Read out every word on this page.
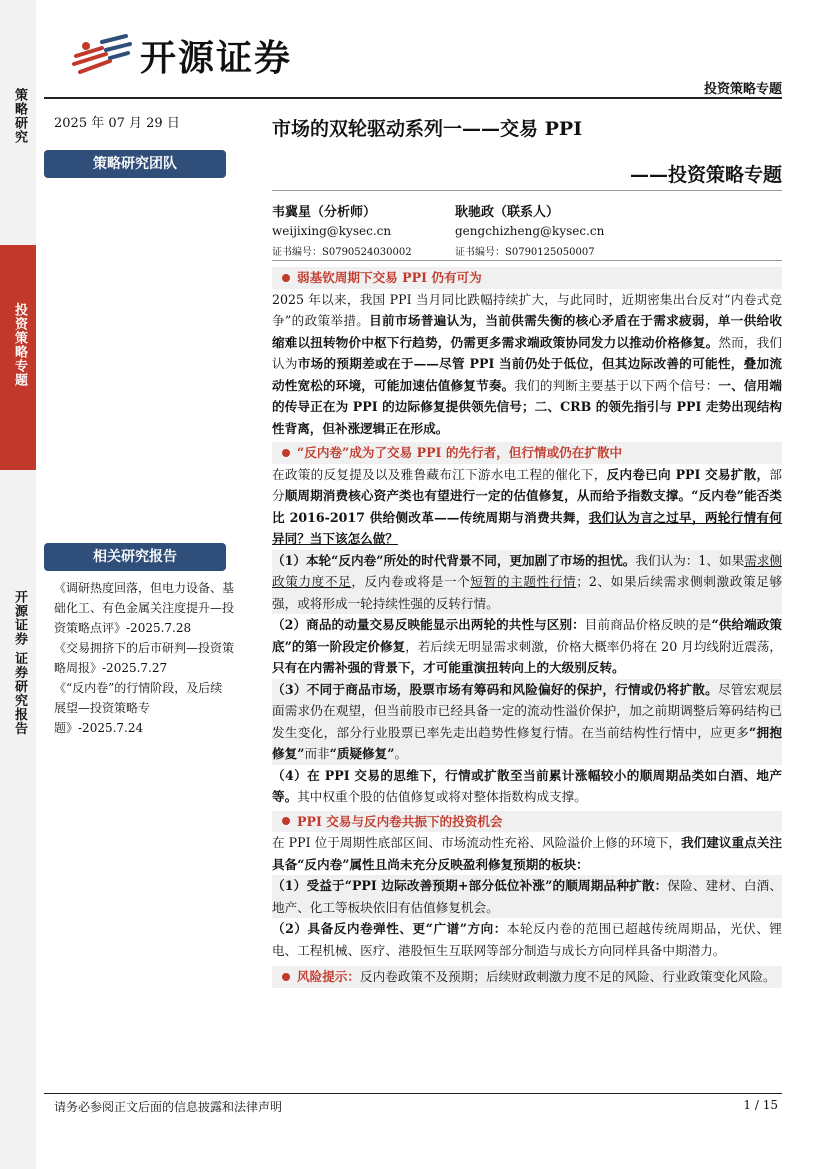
策略研究
投资策略专题
开源证券 证券研究报告
开源证券
投资策略专题
2025 年 07 月 29 日	市场的双轮驱动系列一——交易 PPI
——投资策略专题
策略研究团队
韦冀星（分析师）
weijixing@kysec.cn
证书编号：S0790524030002
耿驰政（联系人）
gengchizheng@kysec.cn
证书编号：S0790125050007
弱基钦周期下交易 PPI 仍有可为

2025 年以来，我国 PPI 当月同比跌幅持续扩大，与此同时，近期密集出台反对“内卷式竞争”的政策举措。目前市场普遍认为，当前供需失衡的核心矛盾在于需求疲弱，单一供给收缩难以扭转物价中枢下行趋势，仍需更多需求端政策协同发力以推动价格修复。然而，我们认为市场的预期差或在于——尽管 PPI 当前仍处于低位，但其边际改善的可能性，叠加流动性宽松的环境，可能加速估值修复节奏。我们的判断主要基于以下两个信号：一、信用端的传导正在为 PPI 的边际修复提供领先信号；二、CRB 的领先指引与 PPI 走势出现结构性背离，但补涨逻辑正在形成。

“反内卷”成为了交易 PPI 的先行者，但行情或仍在扩散中

在政策的反复提及以及雅鲁藏布江下游水电工程的催化下，反内卷已向 PPI 交易扩散，部分顺周期消费核心资产类也有望进行一定的估值修复，从而给予指数支撑。“反内卷”能否类比 2016-2017 供给侧改革——传统周期与消费共舞，我们认为言之过早，两轮行情有何异同？当下该怎么做？

（1）本轮“反内卷”所处的时代背景不同，更加剧了市场的担忧。我们认为：1、如果需求侧政策力度不足，反内卷或将是一个短暂的主题性行情；2、如果后续需求侧刺激政策足够强，或将形成一轮持续性强的反转行情。

（2）商品的动量交易反映能显示出两轮的共性与区别：目前商品价格反映的是“供给端政策底”的第一阶段定价修复，若后续无明显需求刺激，价格大概率仍将在 20 月均线附近震荡，只有在内需补强的背景下，才可能重演扭转向上的大级别反转。

（3）不同于商品市场，股票市场有筹码和风险偏好的保护，行情或仍将扩散。尽管宏观层面需求仍在观望，但当前股市已经具备一定的流动性溢价保护，加之前期调整后筹码结构已发生变化，部分行业股票已率先走出趋势性修复行情。在当前结构性行情中，应更多“拥抱修复”而非“质疑修复”。

（4）在 PPI 交易的思维下，行情或扩散至当前累计涨幅较小的顺周期品类如白酒、地产等。其中权重个股的估值修复或将对整体指数构成支撑。

PPI 交易与反内卷共振下的投资机会

在 PPI 位于周期性底部区间、市场流动性充裕、风险溢价上修的环境下，我们建议重点关注具备“反内卷”属性且尚未充分反映盈利修复预期的板块：

（1）受益于“PPI 边际改善预期+部分低位补涨”的顺周期品种扩散：保险、建材、白酒、地产、化工等板块依旧有估值修复机会。

（2）具备反内卷弹性、更“广谱”方向：本轮反内卷的范围已超越传统周期品，光伏、锂电、工程机械、医疗、港股恒生互联网等部分制造与成长方向同样具备中期潜力。

风险提示：反内卷政策不及预期；后续财政刺激力度不足的风险、行业政策变化风险。
相关研究报告

《调研热度回落，但电力设备、基础化工、有色金属关注度提升—投资策略点评》-2025.7.28

《交易拥挤下的后市研判—投资策略周报》-2025.7.27

《“反内卷”的行情阶段，及后续展望—投资策略专题》-2025.7.24

请务必参阅正文后面的信息披露和法律声明	1 / 15
